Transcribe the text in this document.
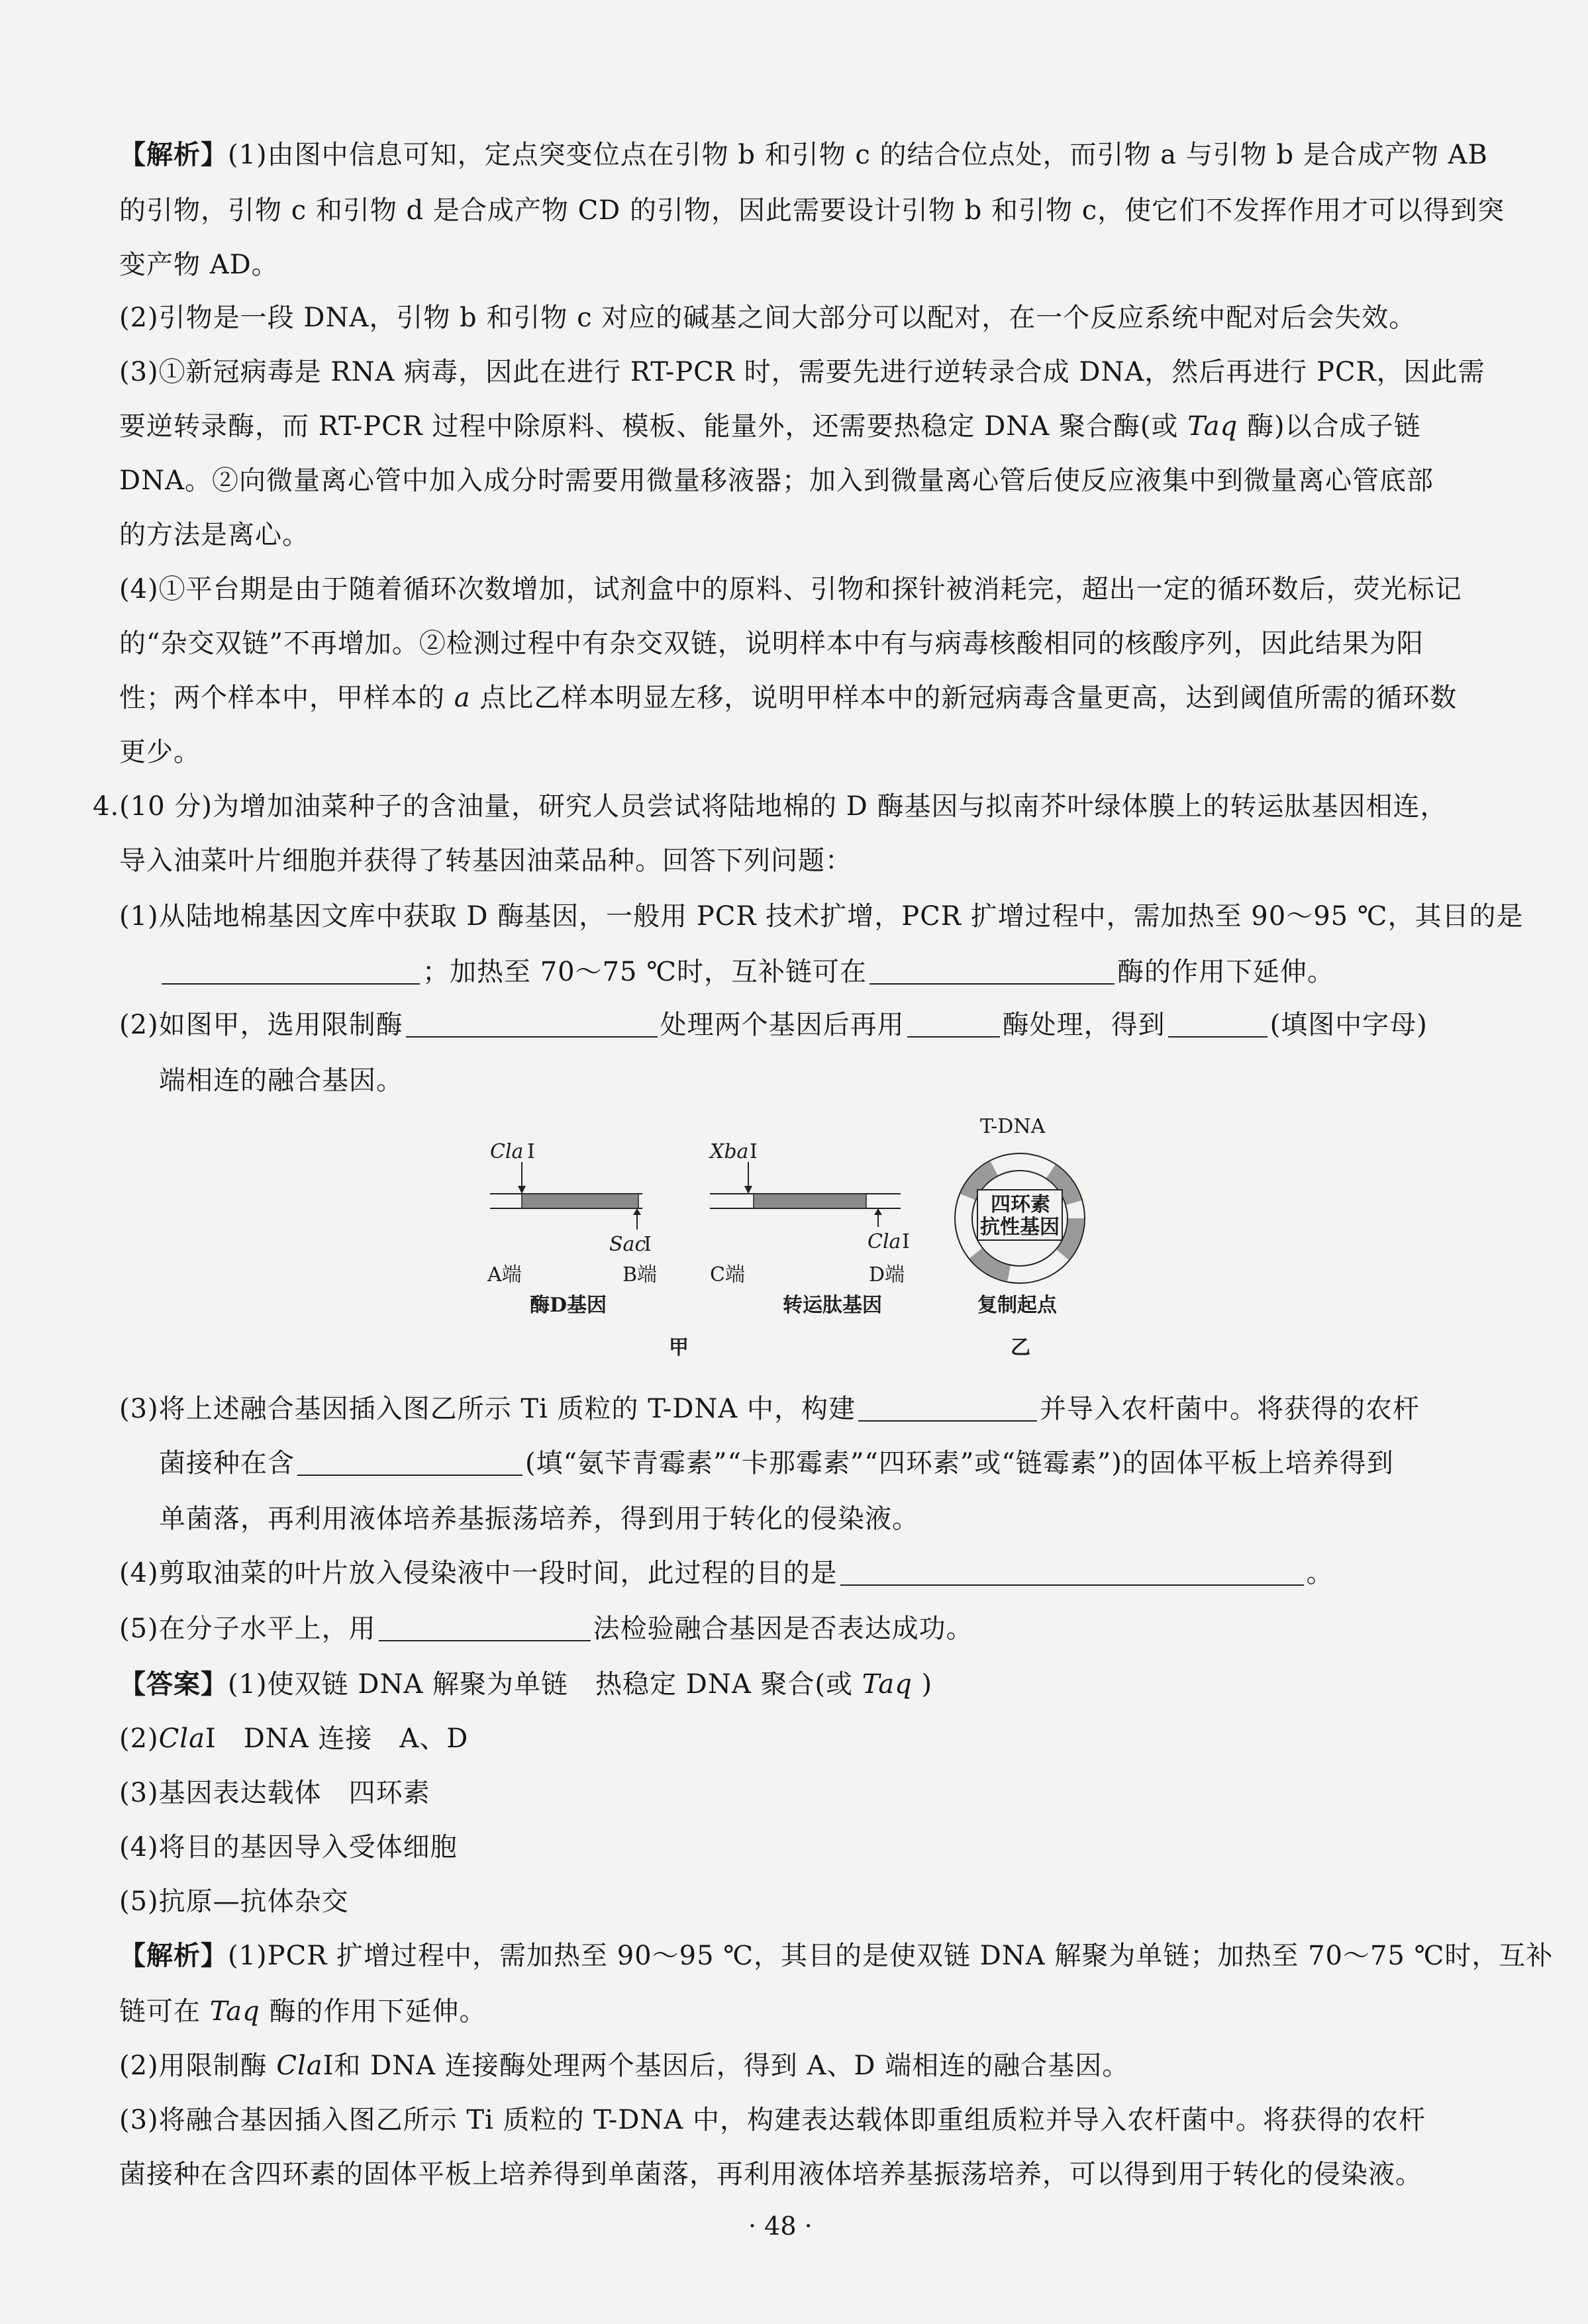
【解析】(1)由图中信息可知，定点突变位点在引物 b 和引物 c 的结合位点处，而引物 a 与引物 b 是合成产物 AB
的引物，引物 c 和引物 d 是合成产物 CD 的引物，因此需要设计引物 b 和引物 c，使它们不发挥作用才可以得到突
变产物 AD。
(2)引物是一段 DNA，引物 b 和引物 c 对应的碱基之间大部分可以配对，在一个反应系统中配对后会失效。
(3)①新冠病毒是 RNA 病毒，因此在进行 RT-PCR 时，需要先进行逆转录合成 DNA，然后再进行 PCR，因此需
要逆转录酶，而 RT-PCR 过程中除原料、模板、能量外，还需要热稳定 DNA 聚合酶(或 Taq 酶)以合成子链
DNA。②向微量离心管中加入成分时需要用微量移液器；加入到微量离心管后使反应液集中到微量离心管底部
的方法是离心。
(4)①平台期是由于随着循环次数增加，试剂盒中的原料、引物和探针被消耗完，超出一定的循环数后，荧光标记
的“杂交双链”不再增加。②检测过程中有杂交双链，说明样本中有与病毒核酸相同的核酸序列，因此结果为阳
性；两个样本中，甲样本的 a 点比乙样本明显左移，说明甲样本中的新冠病毒含量更高，达到阈值所需的循环数
更少。
4.(10 分)为增加油菜种子的含油量，研究人员尝试将陆地棉的 D 酶基因与拟南芥叶绿体膜上的转运肽基因相连，
导入油菜叶片细胞并获得了转基因油菜品种。回答下列问题：
(1)从陆地棉基因文库中获取 D 酶基因，一般用 PCR 技术扩增，PCR 扩增过程中，需加热至 90～95 ℃，其目的是
；加热至 70～75 ℃时，互补链可在	酶的作用下延伸。
(2)如图甲，选用限制酶	处理两个基因后再用	酶处理，得到	(填图中字母)
端相连的融合基因。
Cla Ⅰ
Sac
Ⅰ
A端	B端
酶D基因
Xba Ⅰ
Cla Ⅰ
C端	D端
转运肽基因
四环素
抗性基因
T-DNA
复制起点
甲	乙
(3)将上述融合基因插入图乙所示 Ti 质粒的 T-DNA 中，构建	并导入农杆菌中。将获得的农杆
菌接种在含	(填“氨苄青霉素”“卡那霉素”“四环素”或“链霉素”)的固体平板上培养得到
单菌落，再利用液体培养基振荡培养，得到用于转化的侵染液。
(4)剪取油菜的叶片放入侵染液中一段时间，此过程的目的是	。
(5)在分子水平上，用	法检验融合基因是否表达成功。
【答案】(1)使双链 DNA 解聚为单链　热稳定 DNA 聚合(或 Taq )
(2)ClaⅠ　DNA 连接　A、D
(3)基因表达载体　四环素
(4)将目的基因导入受体细胞
(5)抗原—抗体杂交
【解析】(1)PCR 扩增过程中，需加热至 90～95 ℃，其目的是使双链 DNA 解聚为单链；加热至 70～75 ℃时，互补
链可在 Taq 酶的作用下延伸。
(2)用限制酶 ClaⅠ和 DNA 连接酶处理两个基因后，得到 A、D 端相连的融合基因。
(3)将融合基因插入图乙所示 Ti 质粒的 T-DNA 中，构建表达载体即重组质粒并导入农杆菌中。将获得的农杆
菌接种在含四环素的固体平板上培养得到单菌落，再利用液体培养基振荡培养，可以得到用于转化的侵染液。
· 48 ·
